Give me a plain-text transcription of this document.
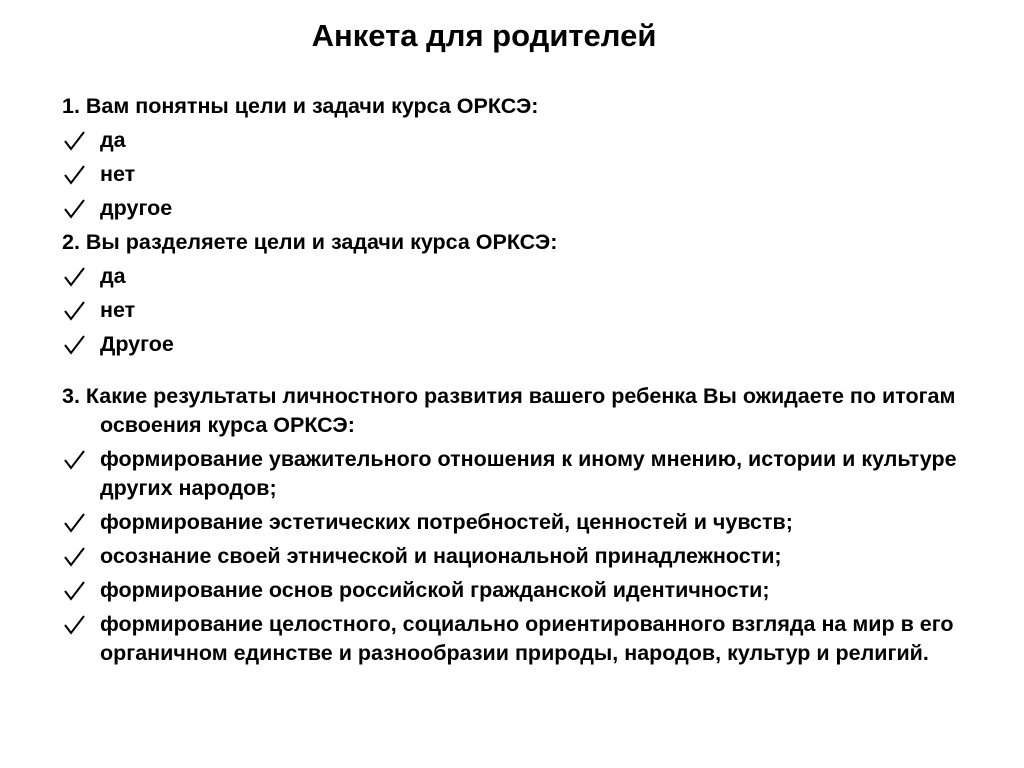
Анкета для родителей

1. Вам понятны цели и задачи курса ОРКСЭ:

да
нет
другое

2. Вы разделяете цели и задачи курса ОРКСЭ:

да
нет
Другое

3. Какие результаты личностного развития вашего ребенка Вы ожидаете по итогам освоения курса ОРКСЭ:

формирование уважительного отношения к иному мнению, истории и культуре других народов;
формирование эстетических потребностей, ценностей и чувств;
осознание своей этнической и национальной принадлежности;
формирование основ российской гражданской идентичности;
формирование целостного, социально ориентированного взгляда на мир в его органичном единстве и разнообразии природы, народов, культур и религий.
